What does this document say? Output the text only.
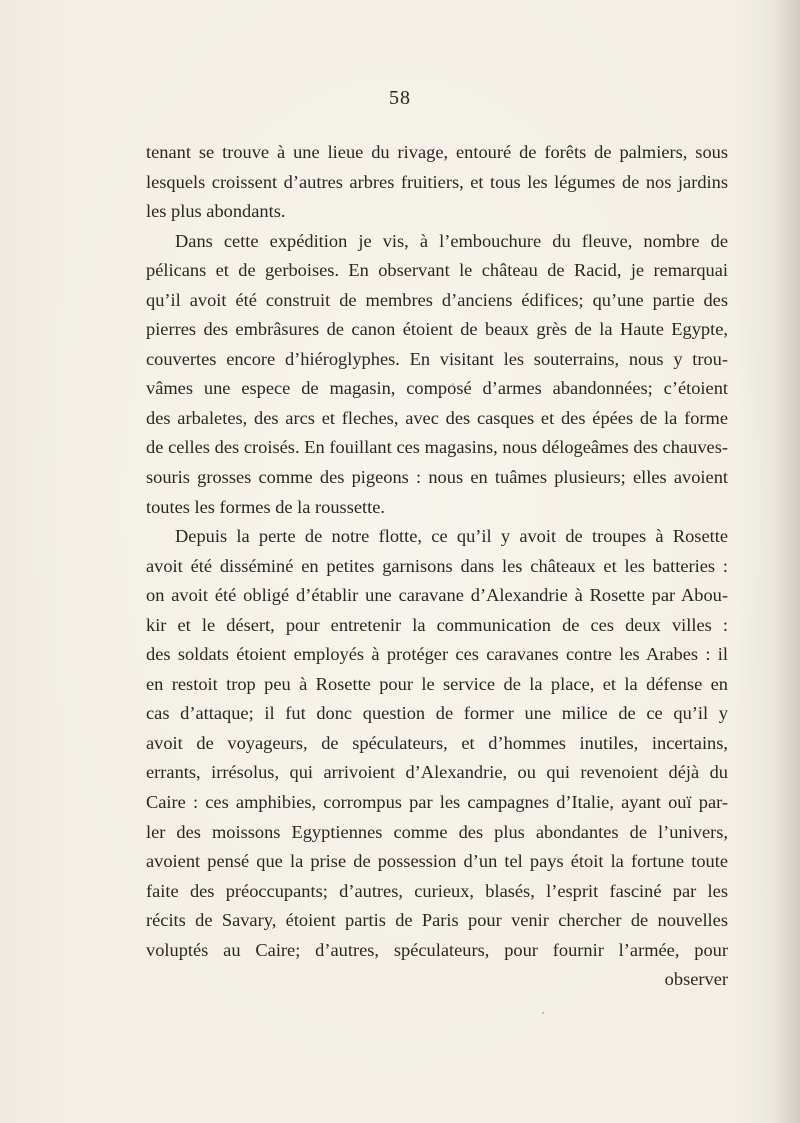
58
tenant se trouve à une lieue du rivage, entouré de forêts de palmiers, sous
lesquels croissent d’autres arbres fruitiers, et tous les légumes de nos jardins
les plus abondants.
Dans cette expédition je vis, à l’embouchure du fleuve, nombre de
pélicans et de gerboises. En observant le château de Racid, je remarquai
qu’il avoit été construit de membres d’anciens édifices; qu’une partie des
pierres des embrâsures de canon étoient de beaux grès de la Haute Egypte,
couvertes encore d’hiéroglyphes. En visitant les souterrains, nous y trou-
vâmes une espece de magasin, composé d’armes abandonnées; c’étoient
des arbaletes, des arcs et fleches, avec des casques et des épées de la forme
de celles des croisés. En fouillant ces magasins, nous délogeâmes des chauves-
souris grosses comme des pigeons : nous en tuâmes plusieurs; elles avoient
toutes les formes de la roussette.
Depuis la perte de notre flotte, ce qu’il y avoit de troupes à Rosette
avoit été disséminé en petites garnisons dans les châteaux et les batteries :
on avoit été obligé d’établir une caravane d’Alexandrie à Rosette par Abou-
kir et le désert, pour entretenir la communication de ces deux villes :
des soldats étoient employés à protéger ces caravanes contre les Arabes : il
en restoit trop peu à Rosette pour le service de la place, et la défense en
cas d’attaque; il fut donc question de former une milice de ce qu’il y
avoit de voyageurs, de spéculateurs, et d’hommes inutiles, incertains,
errants, irrésolus, qui arrivoient d’Alexandrie, ou qui revenoient déjà du
Caire : ces amphibies, corrompus par les campagnes d’Italie, ayant ouï par-
ler des moissons Egyptiennes comme des plus abondantes de l’univers,
avoient pensé que la prise de possession d’un tel pays étoit la fortune toute
faite des préoccupants; d’autres, curieux, blasés, l’esprit fasciné par les
récits de Savary, étoient partis de Paris pour venir chercher de nouvelles
voluptés au Caire; d’autres, spéculateurs, pour fournir l’armée, pour
observer
